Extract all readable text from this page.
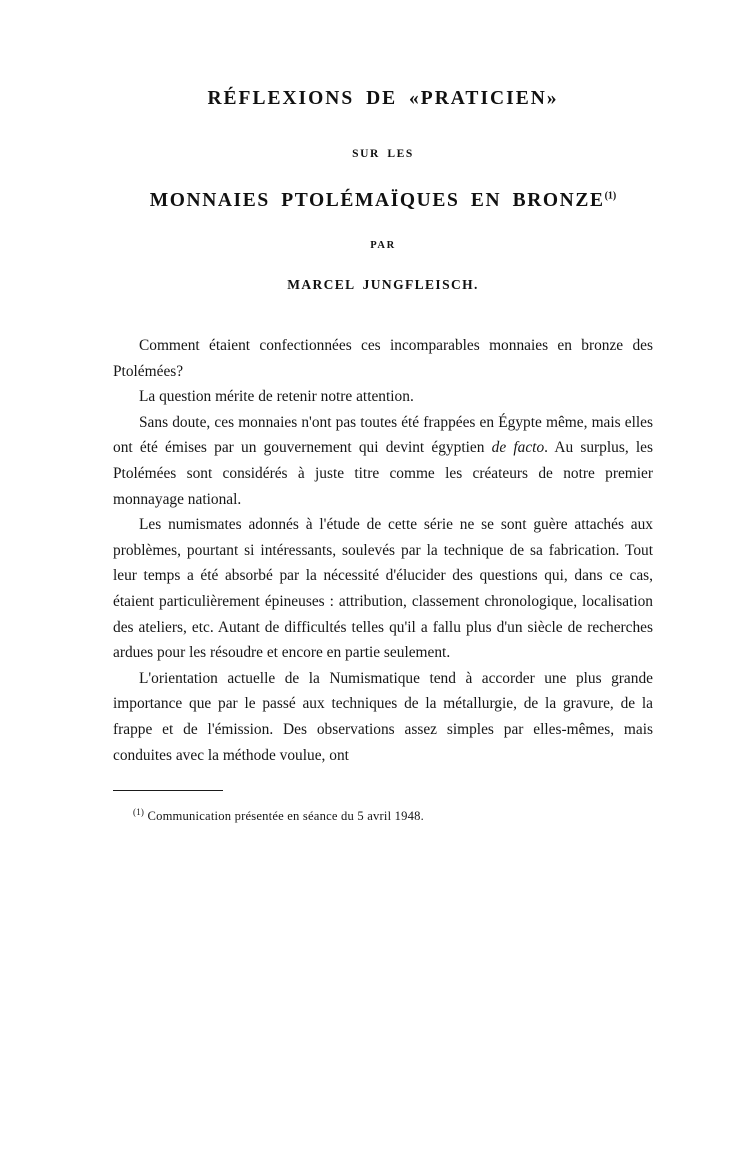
RÉFLEXIONS DE «PRATICIEN»
SUR LES
MONNAIES PTOLÉMAÏQUES EN BRONZE$^{(1)}$
PAR
MARCEL JUNGFLEISCH.

Comment étaient confectionnées ces incomparables monnaies en bronze des Ptolémées?

La question mérite de retenir notre attention.

Sans doute, ces monnaies n'ont pas toutes été frappées en Égypte même, mais elles ont été émises par un gouvernement qui devint égyptien de facto. Au surplus, les Ptolémées sont considérés à juste titre comme les créateurs de notre premier monnayage national.

Les numismates adonnés à l'étude de cette série ne se sont guère attachés aux problèmes, pourtant si intéressants, soulevés par la technique de sa fabrication. Tout leur temps a été absorbé par la nécessité d'élucider des questions qui, dans ce cas, étaient particulièrement épineuses : attribution, classement chronologique, localisation des ateliers, etc. Autant de difficultés telles qu'il a fallu plus d'un siècle de recherches ardues pour les résoudre et encore en partie seulement.

L'orientation actuelle de la Numismatique tend à accorder une plus grande importance que par le passé aux techniques de la métallurgie, de la gravure, de la frappe et de l'émission. Des observations assez simples par elles-mêmes, mais conduites avec la méthode voulue, ont

$^{(1)}$ Communication présentée en séance du 5 avril 1948.
